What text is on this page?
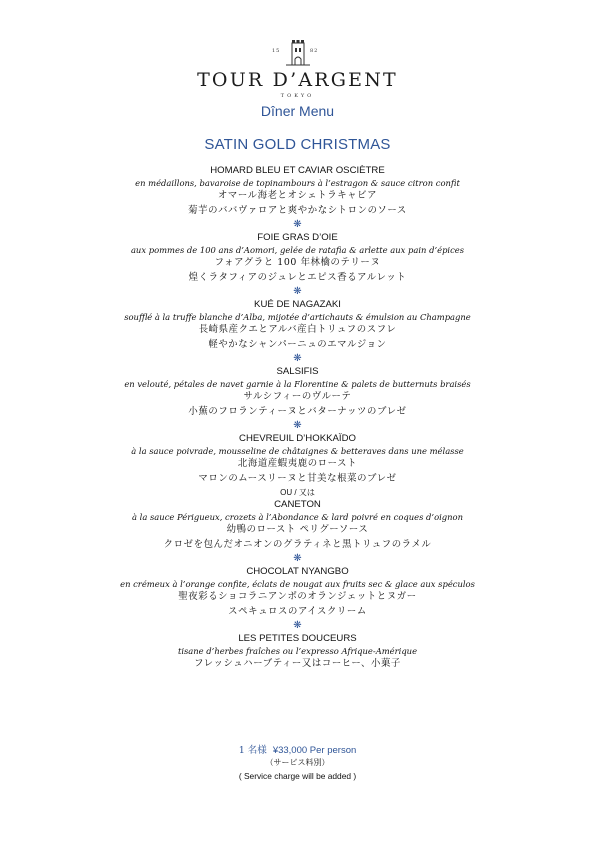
15	82
TOUR D’ARGENT
TOKYO
Dîner Menu
SATIN GOLD CHRISTMAS
HOMARD BLEU ET CAVIAR OSCIÈTRE
en médaillons, bavaroise de topinambours à l’estragon & sauce citron confit
オマール海老とオシェトラキャビア
菊芋のババヴァロアと爽やかなシトロンのソース
❋
FOIE GRAS D’OIE
aux pommes de 100 ans d’Aomori, gelée de ratafia & arlette aux pain d’épices
フォアグラと 100 年林檎のテリーヌ
煌くラタフィアのジュレとエピス香るアルレット
❋
KUÉ DE NAGAZAKI
soufflé à la truffe blanche d’Alba, mijotée d’artichauts & émulsion au Champagne
長崎県産クエとアルバ産白トリュフのスフレ
軽やかなシャンパーニュのエマルジョン
❋
SALSIFIS
en velouté, pétales de navet garnie à la Florentine & palets de butternuts braisés
サルシフィーのヴルーテ
小蕪のフロランティーヌとバターナッツのブレゼ
❋
CHEVREUIL D’HOKKAÏDO
à la sauce poivrade, mousseline de châtaignes & betteraves dans une mélasse
北海道産蝦夷鹿のロースト
マロンのムースリーヌと甘美な根菜のブレゼ
OU / 又は
CANETON
à la sauce Périgueux, crozets à l’Abondance & lard poivré en coques d’oignon
幼鴨のロースト ペリグーソース
クロゼを包んだオニオンのグラティネと黒トリュフのラメル
❋
CHOCOLAT NYANGBO
en crémeux à l’orange confite, éclats de nougat aux fruits sec & glace aux spéculos
聖夜彩るショコラニアンボのオランジェットとヌガー
スペキュロスのアイスクリーム
❋
LES PETITES DOUCEURS
tisane d’herbes fraîches ou l’expresso Afrique-Amérique
フレッシュハーブティー又はコーヒー、小菓子
1 名様 ¥33,000 Per person
（サービス料別）
( Service charge will be added )
